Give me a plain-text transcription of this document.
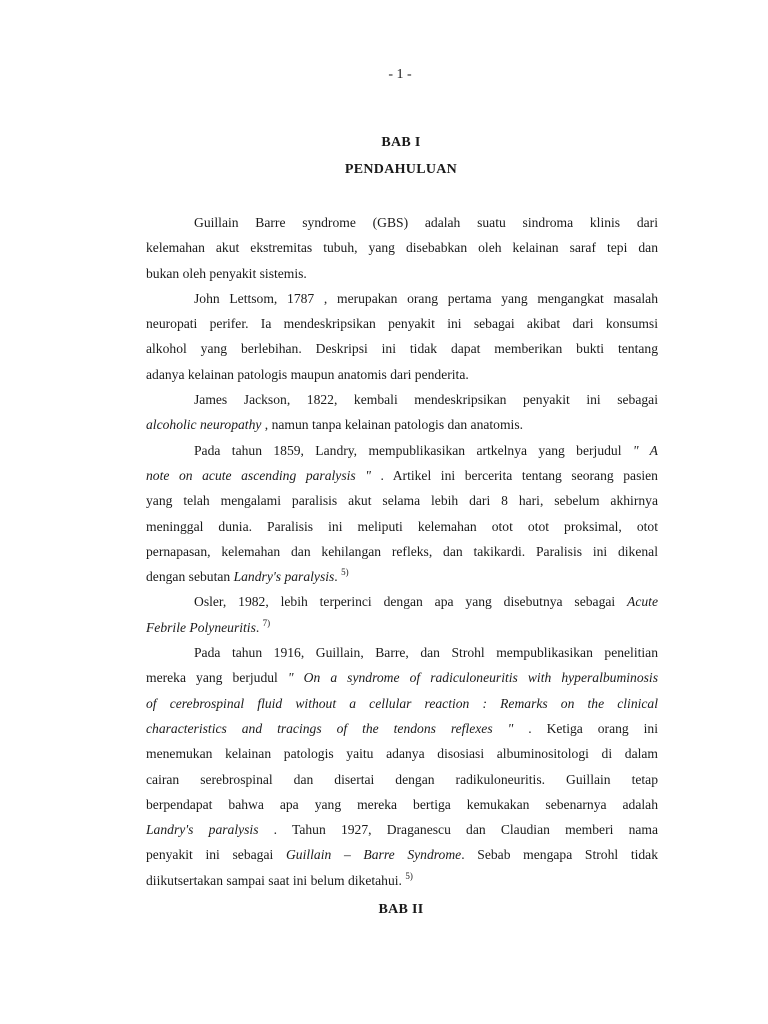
- 1 -
BAB I
PENDAHULUAN

Guillain Barre syndrome (GBS) adalah suatu sindroma klinis dari
kelemahan akut ekstremitas tubuh, yang disebabkan oleh kelainan saraf tepi dan
bukan oleh penyakit sistemis.

John Lettsom, 1787 , merupakan orang pertama yang mengangkat masalah
neuropati perifer. Ia mendeskripsikan penyakit ini sebagai akibat dari konsumsi
alkohol yang berlebihan. Deskripsi ini tidak dapat memberikan bukti tentang
adanya kelainan patologis maupun anatomis dari penderita.

James Jackson, 1822, kembali mendeskripsikan penyakit ini sebagai
alcoholic neuropathy , namun tanpa kelainan patologis dan anatomis.

Pada tahun 1859, Landry, mempublikasikan artkelnya yang berjudul " A
note on acute ascending paralysis " . Artikel ini bercerita tentang seorang pasien
yang telah mengalami paralisis akut selama lebih dari 8 hari, sebelum akhirnya
meninggal dunia. Paralisis ini meliputi kelemahan otot otot proksimal, otot
pernapasan, kelemahan dan kehilangan refleks, dan takikardi. Paralisis ini dikenal
dengan sebutan Landry's paralysis. $^{5)}$

Osler, 1982, lebih terperinci dengan apa yang disebutnya sebagai Acute
Febrile Polyneuritis. $^{7)}$

Pada tahun 1916, Guillain, Barre, dan Strohl mempublikasikan penelitian
mereka yang berjudul " On a syndrome of radiculoneuritis with hyperalbuminosis
of cerebrospinal fluid without a cellular reaction : Remarks on the clinical
characteristics and tracings of the tendons reflexes " . Ketiga orang ini
menemukan kelainan patologis yaitu adanya disosiasi albuminositologi di dalam
cairan serebrospinal dan disertai dengan radikuloneuritis. Guillain tetap
berpendapat bahwa apa yang mereka bertiga kemukakan sebenarnya adalah
Landry's paralysis . Tahun 1927, Draganescu dan Claudian memberi nama
penyakit ini sebagai Guillain – Barre Syndrome. Sebab mengapa Strohl tidak
diikutsertakan sampai saat ini belum diketahui. $^{5)}$

BAB II
